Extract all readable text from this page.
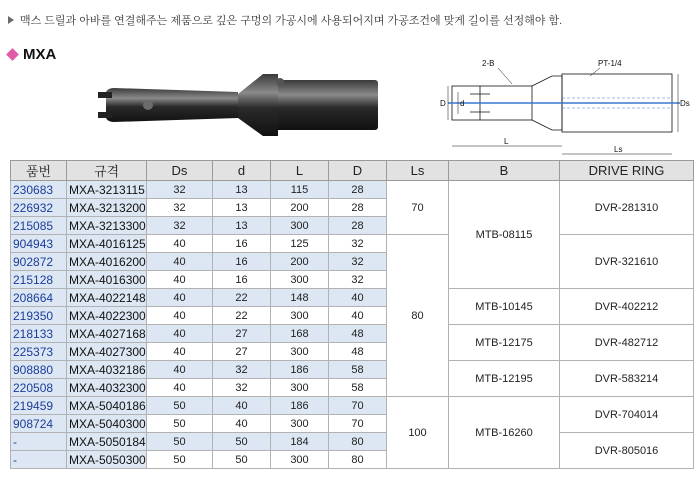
맥스 드릴과 아바를 연결해주는 제품으로 깊은 구멍의 가공시에 사용되어지며 가공조건에 맞게 길이를 선정해야 함.
MXA
2-B	PT-1/4
D d	Ds
L
Ls
품번	규격	Ds	d	L	D	Ls	B	DRIVE RING
230683	MXA-3213115	32	13	115	28	70	MTB-08115	DVR-281310
226932	MXA-3213200	32	13	200	28			
215085	MXA-3213300	32	13	300	28			
904943	MXA-4016125	40	16	125	32	80		DVR-321610
902872	MXA-4016200	40	16	200	32			
215128	MXA-4016300	40	16	300	32			
208664	MXA-4022148	40	22	148	40		MTB-10145	DVR-402212
219350	MXA-4022300	40	22	300	40			
218133	MXA-4027168	40	27	168	48		MTB-12175	DVR-482712
225373	MXA-4027300	40	27	300	48			
908880	MXA-4032186	40	32	186	58		MTB-12195	DVR-583214
220508	MXA-4032300	40	32	300	58			
219459	MXA-5040186	50	40	186	70	100	MTB-16260	DVR-704014
908724	MXA-5040300	50	40	300	70			
-	MXA-5050184	50	50	184	80			DVR-805016
-	MXA-5050300	50	50	300	80			
